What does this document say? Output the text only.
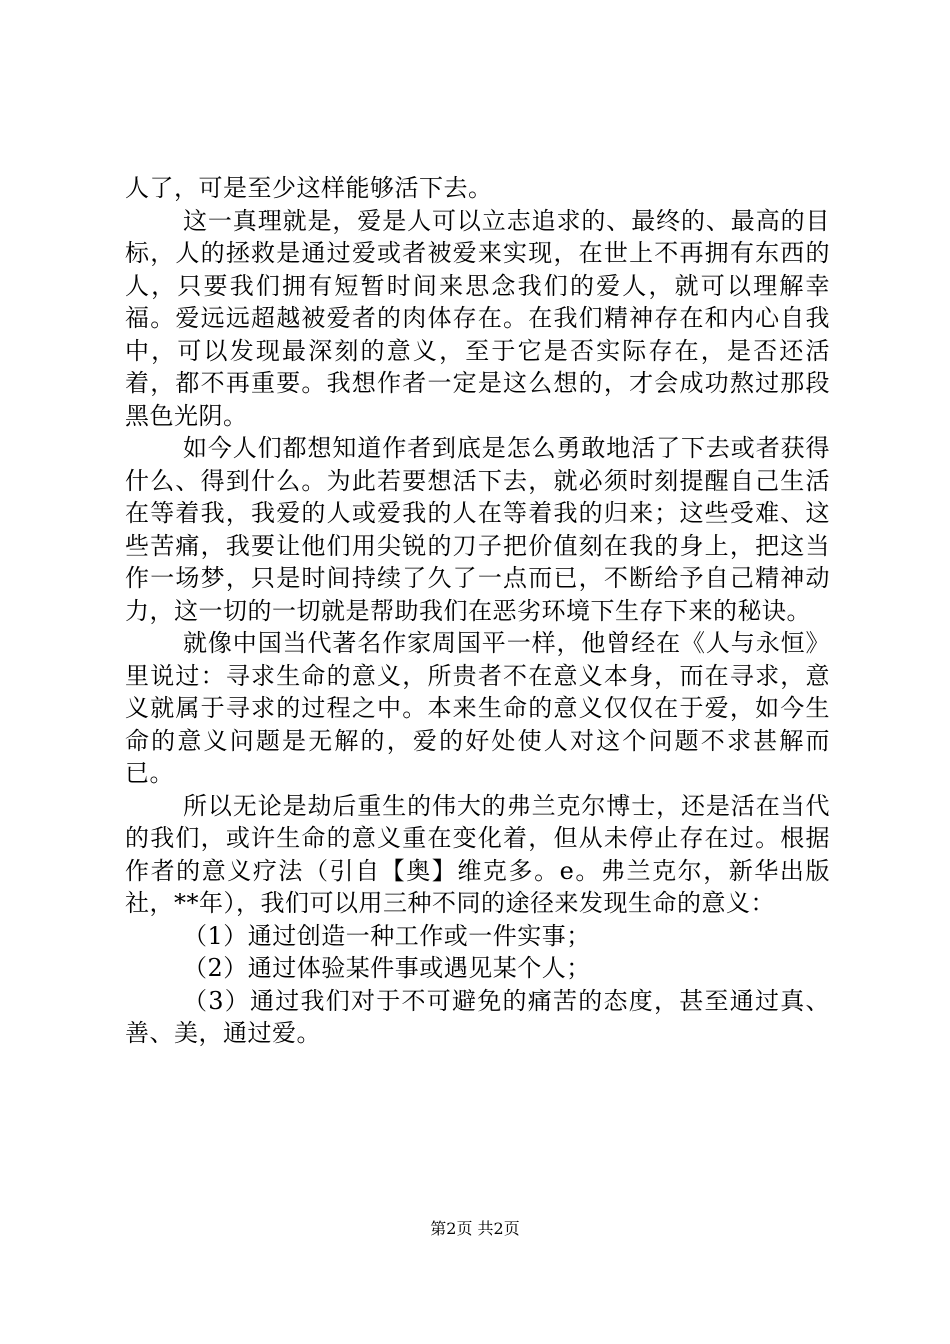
人了，可是至少这样能够活下去。

这一真理就是，爱是人可以立志追求的、最终的、最高的目标，人的拯救是通过爱或者被爱来实现，在世上不再拥有东西的人，只要我们拥有短暂时间来思念我们的爱人，就可以理解幸福。爱远远超越被爱者的肉体存在。在我们精神存在和内心自我中，可以发现最深刻的意义，至于它是否实际存在，是否还活着，都不再重要。我想作者一定是这么想的，才会成功熬过那段黑色光阴。

如今人们都想知道作者到底是怎么勇敢地活了下去或者获得什么、得到什么。为此若要想活下去，就必须时刻提醒自己生活在等着我，我爱的人或爱我的人在等着我的归来；这些受难、这些苦痛，我要让他们用尖锐的刀子把价值刻在我的身上，把这当作一场梦，只是时间持续了久了一点而已，不断给予自己精神动力，这一切的一切就是帮助我们在恶劣环境下生存下来的秘诀。

就像中国当代著名作家周国平一样，他曾经在《人与永恒》里说过：寻求生命的意义，所贵者不在意义本身，而在寻求，意义就属于寻求的过程之中。本来生命的意义仅仅在于爱，如今生命的意义问题是无解的，爱的好处使人对这个问题不求甚解而已。

所以无论是劫后重生的伟大的弗兰克尔博士，还是活在当代的我们，或许生命的意义重在变化着，但从未停止存在过。根据作者的意义疗法（引自【奥】维克多。e。弗兰克尔，新华出版社，**年），我们可以用三种不同的途径来发现生命的意义：

（1）通过创造一种工作或一件实事；

（2）通过体验某件事或遇见某个人；

（3）通过我们对于不可避免的痛苦的态度，甚至通过真、善、美，通过爱。

第2页 共2页
